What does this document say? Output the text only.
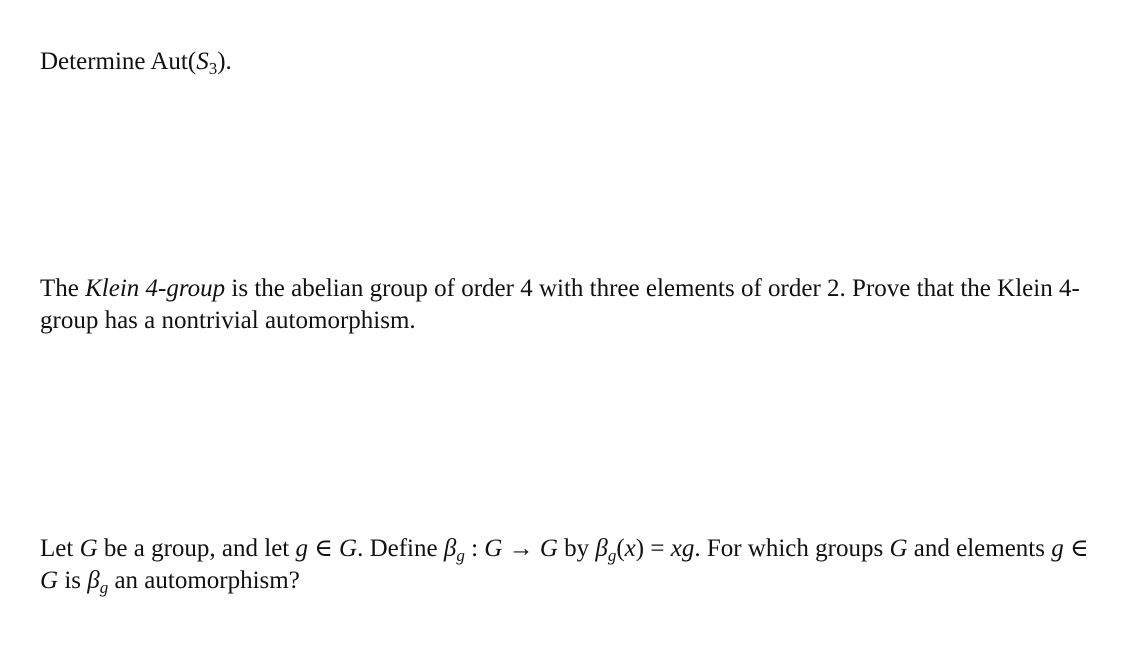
Determine $Aut(S_3)$.

The Klein 4-group is the abelian group of order 4 with three elements of order 2. Prove that the Klein 4-group has a nontrivial automorphism.

Let G be a group, and let g ∈ G. Define $\beta_g$ : G → G by $\beta_g(x)$ = xg. For which groups G and elements g ∈ G is $\beta_g$ an automorphism?
